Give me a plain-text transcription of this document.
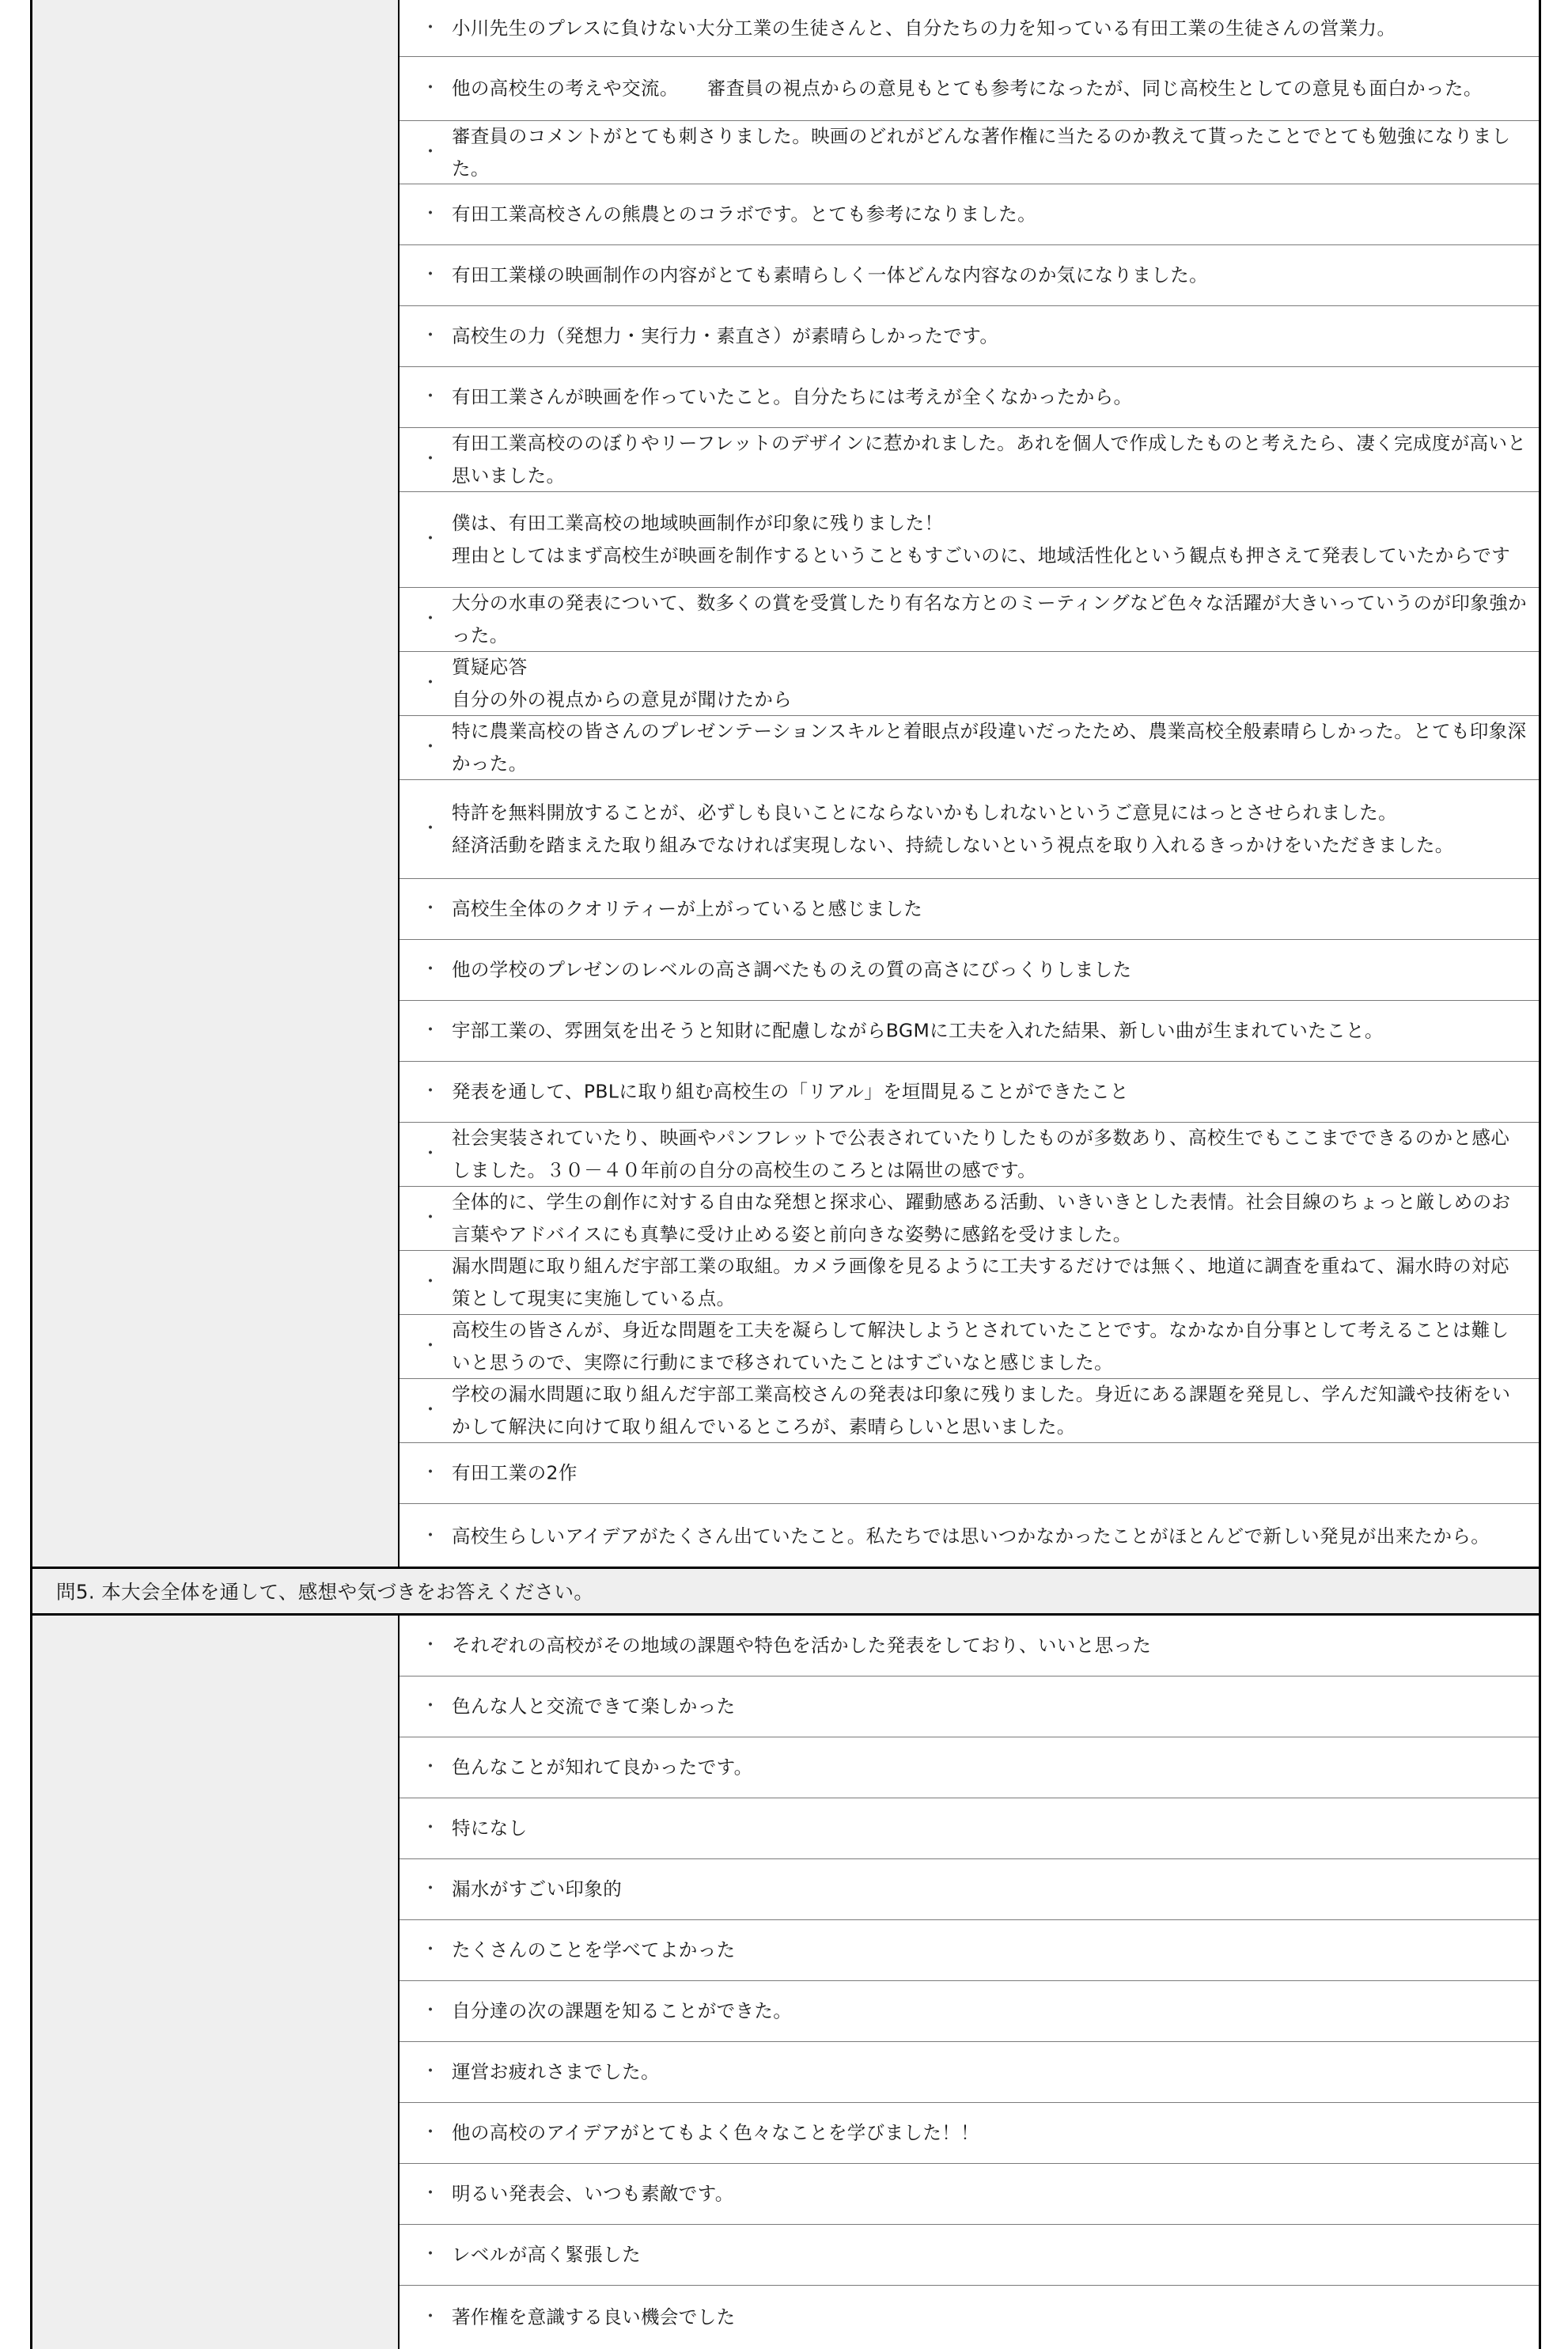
・ 小川先生のプレスに負けない大分工業の生徒さんと、自分たちの力を知っている有田工業の生徒さんの営業力。
・ 他の高校生の考えや交流。　　審査員の視点からの意見もとても参考になったが、同じ高校生としての意見も面白かった。
・
審査員のコメントがとても刺さりました。映画のどれがどんな著作権に当たるのか教えて貰ったことでとても勉強になりました。
・ 有田工業高校さんの熊農とのコラボです。とても参考になりました。
・ 有田工業様の映画制作の内容がとても素晴らしく一体どんな内容なのか気になりました。
・ 高校生の力（発想力・実行力・素直さ）が素晴らしかったです。
・ 有田工業さんが映画を作っていたこと。自分たちには考えが全くなかったから。
・
有田工業高校ののぼりやリーフレットのデザインに惹かれました。あれを個人で作成したものと考えたら、凄く完成度が高いと思いました。
・
僕は、有田工業高校の地域映画制作が印象に残りました！
理由としてはまず高校生が映画を制作するということもすごいのに、地域活性化という観点も押さえて発表していたからです
・
大分の水車の発表について、数多くの賞を受賞したり有名な方とのミーティングなど色々な活躍が大きいっていうのが印象強かった。
・
質疑応答
自分の外の視点からの意見が聞けたから
・
特に農業高校の皆さんのプレゼンテーションスキルと着眼点が段違いだったため、農業高校全般素晴らしかった。とても印象深かった。
・
特許を無料開放することが、必ずしも良いことにならないかもしれないというご意見にはっとさせられました。
経済活動を踏まえた取り組みでなければ実現しない、持続しないという視点を取り入れるきっかけをいただきました。
・ 高校生全体のクオリティーが上がっていると感じました
・ 他の学校のプレゼンのレベルの高さ調べたものえの質の高さにびっくりしました
・ 宇部工業の、雰囲気を出そうと知財に配慮しながらBGMに工夫を入れた結果、新しい曲が生まれていたこと。
・ 発表を通して、PBLに取り組む高校生の「リアル」を垣間見ることができたこと
・
社会実装されていたり、映画やパンフレットで公表されていたりしたものが多数あり、高校生でもここまでできるのかと感心しました。３０－４０年前の自分の高校生のころとは隔世の感です。
・
全体的に、学生の創作に対する自由な発想と探求心、躍動感ある活動、いきいきとした表情。社会目線のちょっと厳しめのお言葉やアドバイスにも真摯に受け止める姿と前向きな姿勢に感銘を受けました。
・
漏水問題に取り組んだ宇部工業の取組。カメラ画像を見るように工夫するだけでは無く、地道に調査を重ねて、漏水時の対応策として現実に実施している点。
・
高校生の皆さんが、身近な問題を工夫を凝らして解決しようとされていたことです。なかなか自分事として考えることは難しいと思うので、実際に行動にまで移されていたことはすごいなと感じました。
・
学校の漏水問題に取り組んだ宇部工業高校さんの発表は印象に残りました。身近にある課題を発見し、学んだ知識や技術をいかして解決に向けて取り組んでいるところが、素晴らしいと思いました。
・ 有田工業の2作
・ 高校生らしいアイデアがたくさん出ていたこと。私たちでは思いつかなかったことがほとんどで新しい発見が出来たから。
問5. 本大会全体を通して、感想や気づきをお答えください。
・ それぞれの高校がその地域の課題や特色を活かした発表をしており、いいと思った
・ 色んな人と交流できて楽しかった
・ 色んなことが知れて良かったです。
・ 特になし
・ 漏水がすごい印象的
・ たくさんのことを学べてよかった
・ 自分達の次の課題を知ることができた。
・ 運営お疲れさまでした。
・ 他の高校のアイデアがとてもよく色々なことを学びました！！
・ 明るい発表会、いつも素敵です。
・ レベルが高く緊張した
・ 著作権を意識する良い機会でした
